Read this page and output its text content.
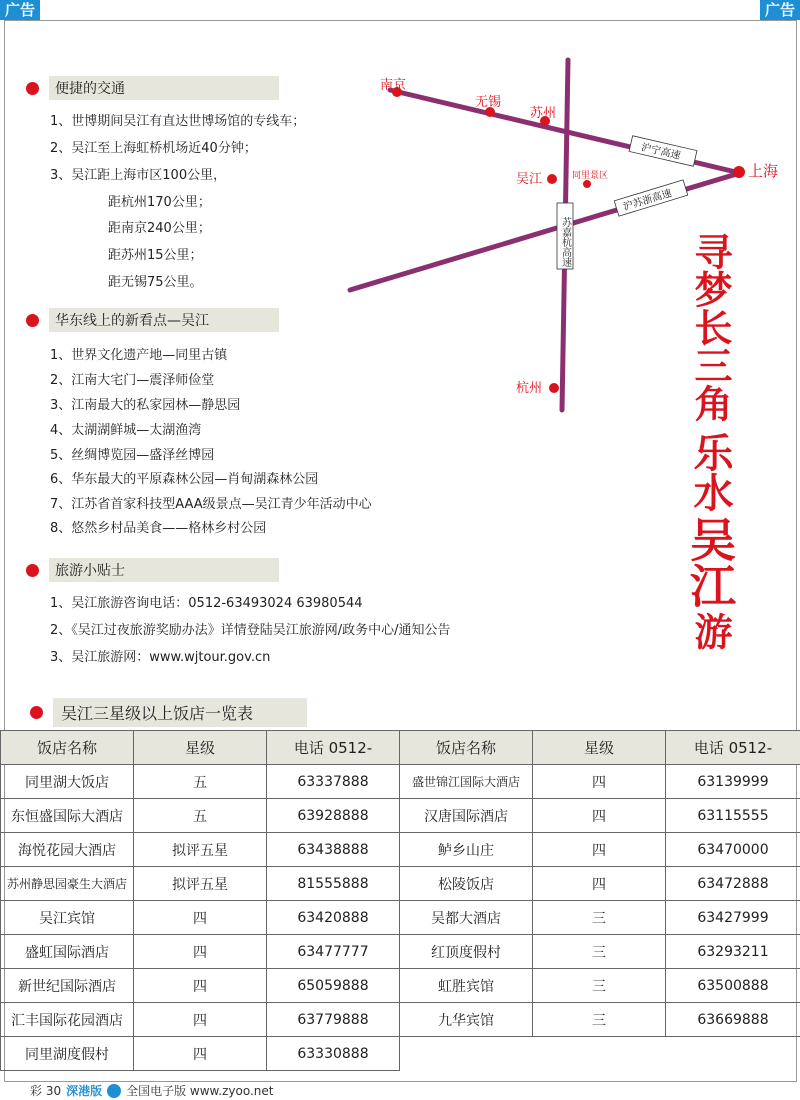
广告	广告
便捷的交通
1、世博期间吴江有直达世博场馆的专线车；
2、吴江至上海虹桥机场近40分钟；
3、吴江距上海市区100公里，
距杭州170公里；
距南京240公里；
距苏州15公里；
距无锡75公里。
华东线上的新看点—吴江
1、世界文化遗产地—同里古镇
2、江南大宅门—震泽师俭堂
3、江南最大的私家园林—静思园
4、太湖湖鲜城—太湖渔湾
5、丝绸博览园—盛泽丝博园
6、华东最大的平原森林公园—肖甸湖森林公园
7、江苏省首家科技型AAA级景点—吴江青少年活动中心
8、悠然乡村品美食——格林乡村公园
旅游小贴士
1、吴江旅游咨询电话：0512-63493024 63980544
2、《吴江过夜旅游奖励办法》详情登陆吴江旅游网/政务中心/通知公告
3、吴江旅游网：www.wjtour.gov.cn
南京
无锡
苏州
吴江	同里景区	上海
杭州
沪宁高速
沪苏浙高速
苏嘉杭高速	寻梦长三角
乐水
吴江
游
吴江三星级以上饭店一览表
饭店名称	星级	电话 0512-	饭店名称	星级	电话 0512-
同里湖大饭店	五	63337888	盛世锦江国际大酒店	四	63139999
东恒盛国际大酒店	五	63928888	汉唐国际酒店	四	63115555
海悦花园大酒店	拟评五星	63438888	鲈乡山庄	四	63470000
苏州静思园豪生大酒店	拟评五星	81555888	松陵饭店	四	63472888
吴江宾馆	四	63420888	吴都大酒店	三	63427999
盛虹国际酒店	四	63477777	红顶度假村	三	63293211
新世纪国际酒店	四	65059888	虹胜宾馆	三	63500888
汇丰国际花园酒店	四	63779888	九华宾馆	三	63669888
同里湖度假村	四	63330888			
彩 30 深港版 全国电子版 www.zyoo.net
